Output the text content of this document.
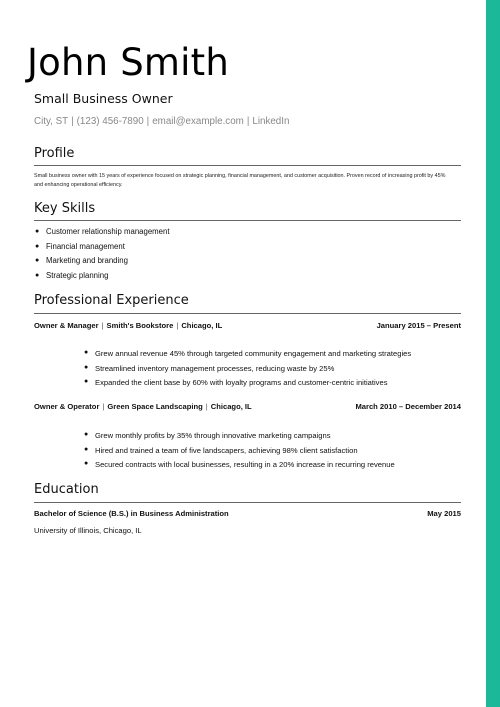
John Smith
Small Business Owner
City, ST | (123) 456-7890 | email@example.com | LinkedIn
Profile
Small business owner with 15 years of experience focused on strategic planning, financial management, and customer acquisition. Proven record of increasing profit by 45% and enhancing operational efficiency.
Key Skills
● Customer relationship management
● Financial management
● Marketing and branding
● Strategic planning
Professional Experience
Owner & Manager | Smith's Bookstore | Chicago, IL	January 2015 – Present
● Grew annual revenue 45% through targeted community engagement and marketing strategies
● Streamlined inventory management processes, reducing waste by 25%
● Expanded the client base by 60% with loyalty programs and customer-centric initiatives
Owner & Operator | Green Space Landscaping | Chicago, IL	March 2010 – December 2014
● Grew monthly profits by 35% through innovative marketing campaigns
● Hired and trained a team of five landscapers, achieving 98% client satisfaction
● Secured contracts with local businesses, resulting in a 20% increase in recurring revenue
Education
Bachelor of Science (B.S.) in Business Administration	May 2015
University of Illinois, Chicago, IL
